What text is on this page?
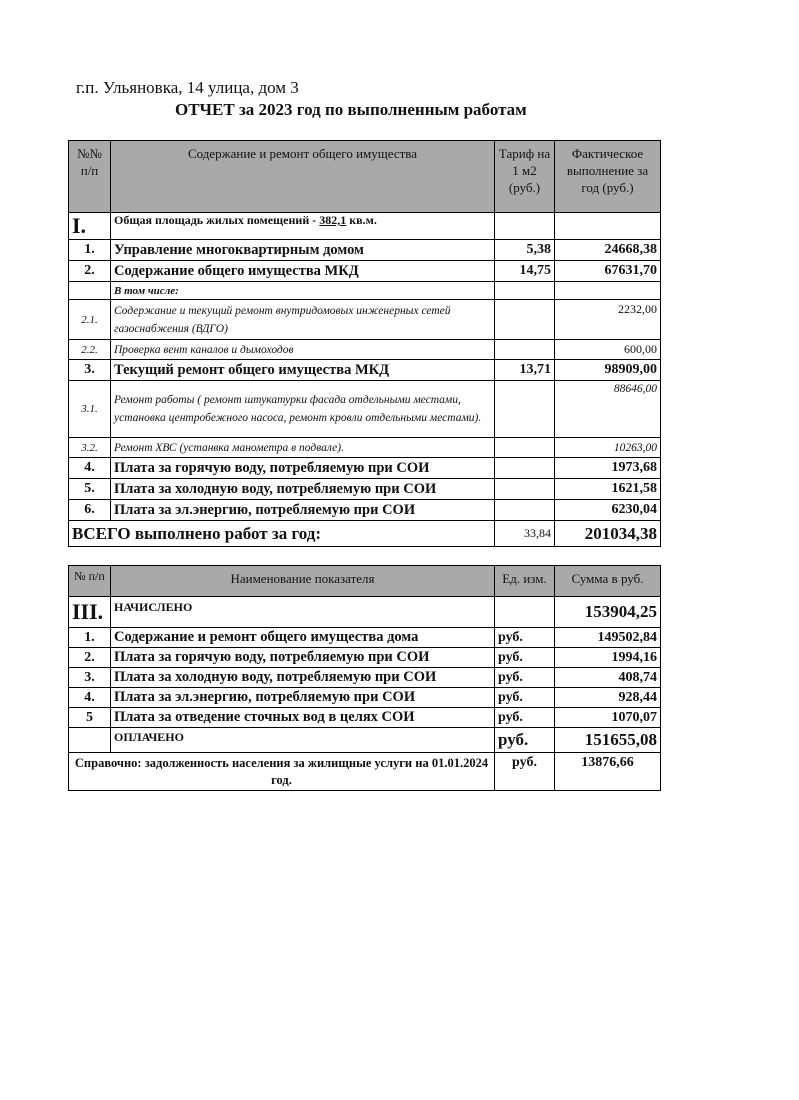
г.п. Ульяновка, 14 улица, дом 3
ОТЧЕТ за 2023 год по выполненным работам
№№ п/п	Содержание и ремонт общего имущества	Тариф на 1 м2 (руб.)	Фактическое выполнение за год (руб.)
I.	Общая площадь жилых помещений - 382,1 кв.м.		
1.	Управление многоквартирным домом	5,38	24668,38
2.	Содержание общего имущества МКД	14,75	67631,70
	В том числе:		
2.1.	Содержание и текущий ремонт внутридомовых инженерных сетей газоснабжения (ВДГО)		2232,00
2.2.	Проверка вент каналов и дымоходов		600,00
3.	Текущий ремонт общего имущества МКД	13,71	98909,00
3.1.	Ремонт работы ( ремонт штукатурки фасада отдельными местами, установка центробежного насоса, ремонт кровли отдельными местами).		88646,00
3.2.	Ремонт ХВС (устанвка манометра в подвале).		10263,00
4.	Плата за горячую воду, потребляемую при СОИ		1973,68
5.	Плата за холодную воду, потребляемую при СОИ		1621,58
6.	Плата за эл.энергию, потребляемую при СОИ		6230,04
ВСЕГО выполнено работ за год:		33,84	201034,38
№ п/п	Наименование показателя	Ед. изм.	Сумма в руб.
III.	НАЧИСЛЕНО		153904,25
1.	Содержание и ремонт общего имущества дома	руб.	149502,84
2.	Плата за горячую воду, потребляемую при СОИ	руб.	1994,16
3.	Плата за холодную воду, потребляемую при СОИ	руб.	408,74
4.	Плата за эл.энергию, потребляемую при СОИ	руб.	928,44
5	Плата за отведение сточных вод в целях СОИ	руб.	1070,07
	ОПЛАЧЕНО	руб.	151655,08
Справочно: задолженность населения за жилищные услуги на 01.01.2024 год.		руб.	13876,66
